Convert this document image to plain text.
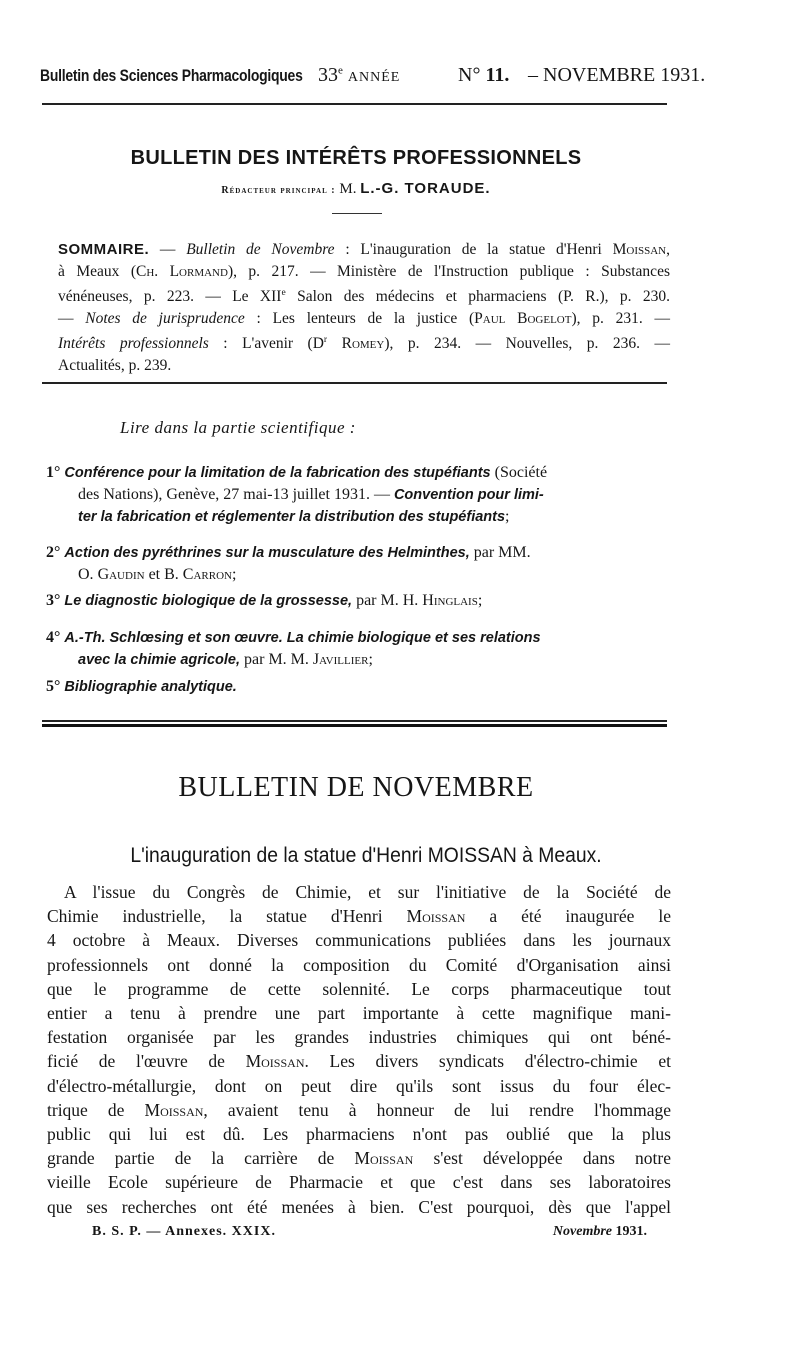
Bulletin des Sciences Pharmacologiques 33e ANNÉE	N° 11. – NOVEMBRE 1931.
BULLETIN DES INTÉRÊTS PROFESSIONNELS
Rédacteur principal : M. L.-G. TORAUDE.
SOMMAIRE. — Bulletin de Novembre : L'inauguration de la statue d'Henri Moissan,
à Meaux (Ch. Lormand), p. 217. — Ministère de l'Instruction publique : Substances
vénéneuses, p. 223. — Le XIIe Salon des médecins et pharmaciens (P. R.), p. 230.
— Notes de jurisprudence : Les lenteurs de la justice (Paul Bogelot), p. 231. —
Intérêts professionnels : L'avenir ($D^r$ Romey), p. 234. — Nouvelles, p. 236. —
Actualités, p. 239.
Lire dans la partie scientifique :
1° Conférence pour la limitation de la fabrication des stupéfiants (Société
des Nations), Genève, 27 mai-13 juillet 1931. — Convention pour limi-
ter la fabrication et réglementer la distribution des stupéfiants;
2° Action des pyréthrines sur la musculature des Helminthes, par MM.
O. Gaudin et B. Carron;
3° Le diagnostic biologique de la grossesse, par M. H. Hinglais;
4° A.-Th. Schlœsing et son œuvre. La chimie biologique et ses relations
avec la chimie agricole, par M. M. Javillier;
5° Bibliographie analytique.
BULLETIN DE NOVEMBRE
L'inauguration de la statue d'Henri MOISSAN à Meaux.
A l'issue du Congrès de Chimie, et sur l'initiative de la Société de
Chimie industrielle, la statue d'Henri Moissan a été inaugurée le
4 octobre à Meaux. Diverses communications publiées dans les journaux
professionnels ont donné la composition du Comité d'Organisation ainsi
que le programme de cette solennité. Le corps pharmaceutique tout
entier a tenu à prendre une part importante à cette magnifique mani-
festation organisée par les grandes industries chimiques qui ont béné-
ficié de l'œuvre de Moissan. Les divers syndicats d'électro-chimie et
d'électro-métallurgie, dont on peut dire qu'ils sont issus du four élec-
trique de Moissan, avaient tenu à honneur de lui rendre l'hommage
public qui lui est dû. Les pharmaciens n'ont pas oublié que la plus
grande partie de la carrière de Moissan s'est développée dans notre
vieille Ecole supérieure de Pharmacie et que c'est dans ses laboratoires
que ses recherches ont été menées à bien. C'est pourquoi, dès que l'appel
B. S. P. — Annexes. XXIX.	Novembre 1931.
